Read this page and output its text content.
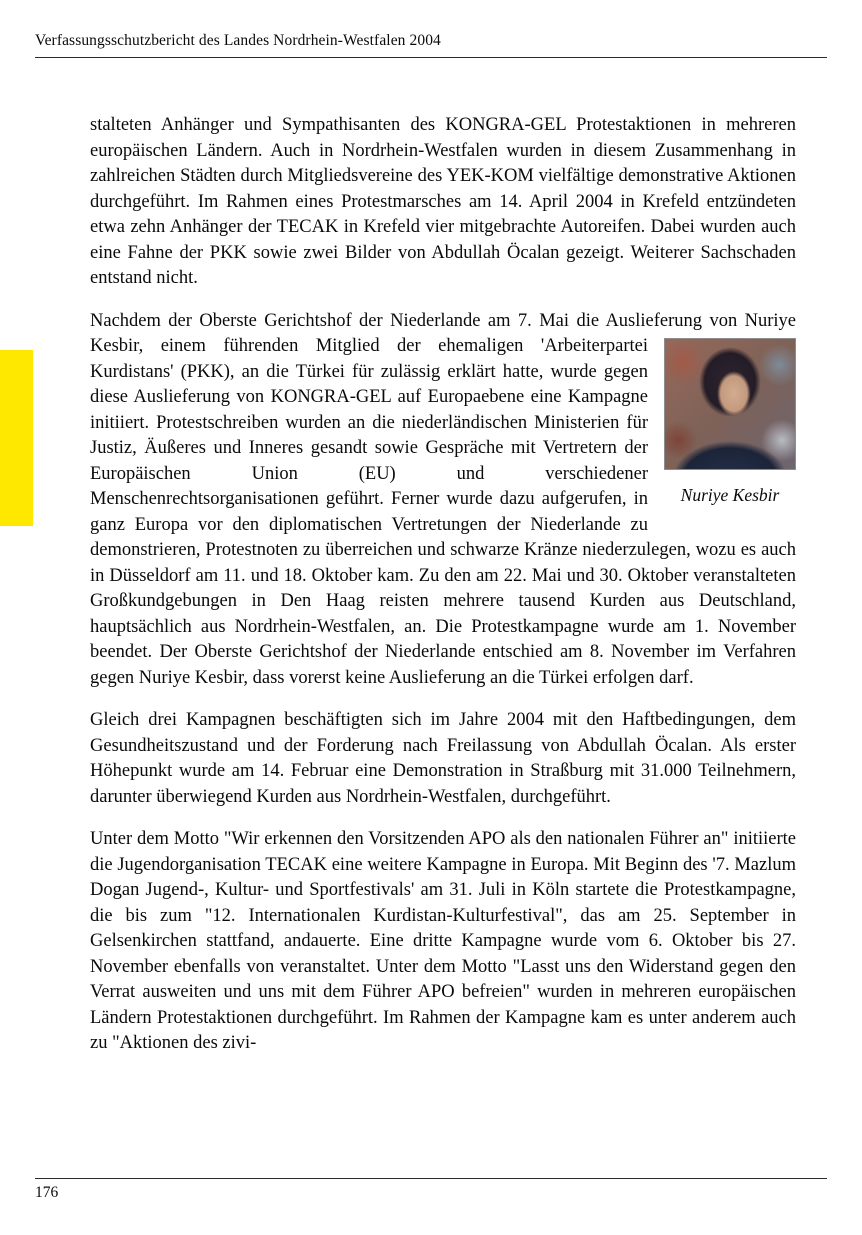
Verfassungsschutzbericht des Landes Nordrhein-Westfalen 2004

stalteten Anhänger und Sympathisanten des KONGRA-GEL Protestaktionen in mehreren europäischen Ländern. Auch in Nordrhein-Westfalen wurden in diesem Zusammenhang in zahlreichen Städten durch Mitgliedsvereine des YEK-KOM vielfältige demonstrative Aktionen durchgeführt. Im Rahmen eines Protestmarsches am 14. April 2004 in Krefeld entzündeten etwa zehn Anhänger der TECAK in Krefeld vier mitgebrachte Autoreifen. Dabei wurden auch eine Fahne der PKK sowie zwei Bilder von Abdullah Öcalan gezeigt. Weiterer Sachschaden entstand nicht.

Nachdem der Oberste Gerichtshof der Niederlande am 7. Mai die Auslieferung von
Nuriye Kesbir
Nuriye Kesbir, einem führenden Mitglied der ehemaligen 'Arbeiterpartei Kurdistans' (PKK), an die Türkei für zulässig erklärt hatte, wurde gegen diese Auslieferung von KONGRA-GEL auf Europaebene eine Kampagne initiiert. Protestschreiben wurden an die niederländischen Ministerien für Justiz, Äußeres und Inneres gesandt sowie Gespräche mit Vertretern der Europäischen Union (EU) und verschiedener Menschenrechtsorganisationen geführt. Ferner wurde dazu aufgerufen, in ganz Europa vor den diplomatischen Vertretungen der Niederlande zu demonstrieren, Protestnoten zu überreichen und schwarze Kränze niederzulegen, wozu es auch in Düsseldorf am 11. und 18. Oktober kam. Zu den am 22. Mai und 30. Oktober veranstalteten Großkundgebungen in Den Haag reisten mehrere tausend Kurden aus Deutschland, hauptsächlich aus Nordrhein-Westfalen, an. Die Protestkampagne wurde am 1. November beendet. Der Oberste Gerichtshof der Niederlande entschied am 8. November im Verfahren gegen Nuriye Kesbir, dass vorerst keine Auslieferung an die Türkei erfolgen darf.

Gleich drei Kampagnen beschäftigten sich im Jahre 2004 mit den Haftbedingungen, dem Gesundheitszustand und der Forderung nach Freilassung von Abdullah Öcalan. Als erster Höhepunkt wurde am 14. Februar eine Demonstration in Straßburg mit 31.000 Teilnehmern, darunter überwiegend Kurden aus Nordrhein-Westfalen, durchgeführt.

Unter dem Motto "Wir erkennen den Vorsitzenden APO als den nationalen Führer an" initiierte die Jugendorganisation TECAK eine weitere Kampagne in Europa. Mit Beginn des '7. Mazlum Dogan Jugend-, Kultur- und Sportfestivals' am 31. Juli in Köln startete die Protestkampagne, die bis zum "12. Internationalen Kurdistan-Kulturfestival", das am 25. September in Gelsenkirchen stattfand, andauerte. Eine dritte Kampagne wurde vom 6. Oktober bis 27. November ebenfalls von veranstaltet. Unter dem Motto "Lasst uns den Widerstand gegen den Verrat ausweiten und uns mit dem Führer APO befreien" wurden in mehreren europäischen Ländern Protestaktionen durchgeführt. Im Rahmen der Kampagne kam es unter anderem auch zu "Aktionen des zivi-

176
